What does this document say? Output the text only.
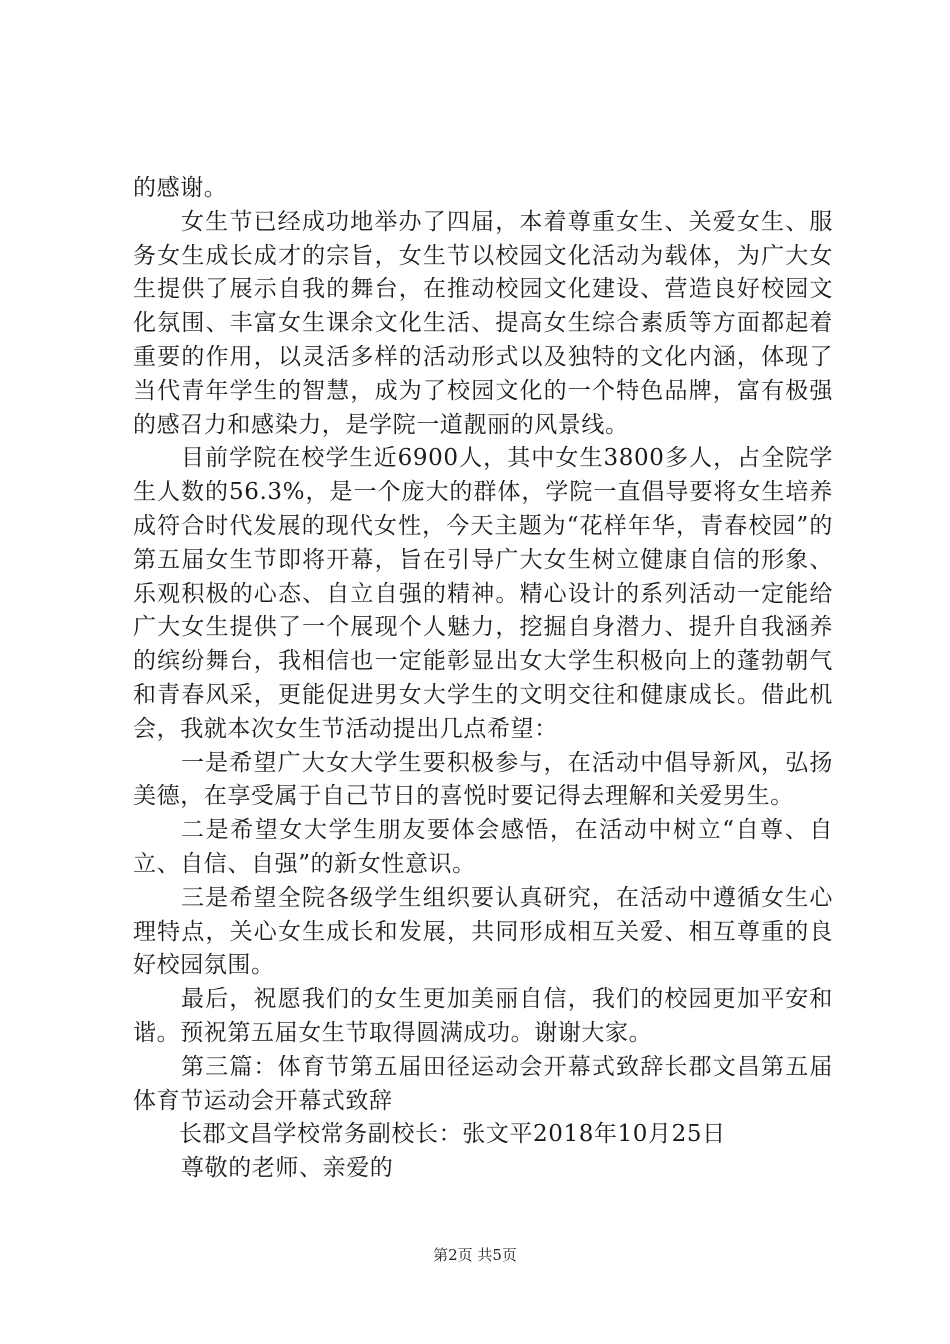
的感谢。

女生节已经成功地举办了四届，本着尊重女生、关爱女生、服务女生成长成才的宗旨，女生节以校园文化活动为载体，为广大女生提供了展示自我的舞台，在推动校园文化建设、营造良好校园文化氛围、丰富女生课余文化生活、提高女生综合素质等方面都起着重要的作用，以灵活多样的活动形式以及独特的文化内涵，体现了当代青年学生的智慧，成为了校园文化的一个特色品牌，富有极强的感召力和感染力，是学院一道靓丽的风景线。

目前学院在校学生近6900人，其中女生3800多人，占全院学生人数的56.3%，是一个庞大的群体，学院一直倡导要将女生培养成符合时代发展的现代女性，今天主题为“花样年华，青春校园”的第五届女生节即将开幕，旨在引导广大女生树立健康自信的形象、乐观积极的心态、自立自强的精神。精心设计的系列活动一定能给广大女生提供了一个展现个人魅力，挖掘自身潜力、提升自我涵养的缤纷舞台，我相信也一定能彰显出女大学生积极向上的蓬勃朝气和青春风采，更能促进男女大学生的文明交往和健康成长。借此机会，我就本次女生节活动提出几点希望：

一是希望广大女大学生要积极参与，在活动中倡导新风，弘扬美德，在享受属于自己节日的喜悦时要记得去理解和关爱男生。

二是希望女大学生朋友要体会感悟，在活动中树立“自尊、自立、自信、自强”的新女性意识。

三是希望全院各级学生组织要认真研究，在活动中遵循女生心理特点，关心女生成长和发展，共同形成相互关爱、相互尊重的良好校园氛围。

最后，祝愿我们的女生更加美丽自信，我们的校园更加平安和谐。预祝第五届女生节取得圆满成功。谢谢大家。

第三篇：体育节第五届田径运动会开幕式致辞长郡文昌第五届体育节运动会开幕式致辞

长郡文昌学校常务副校长：张文平2018年10月25日

尊敬的老师、亲爱的

第2页 共5页
